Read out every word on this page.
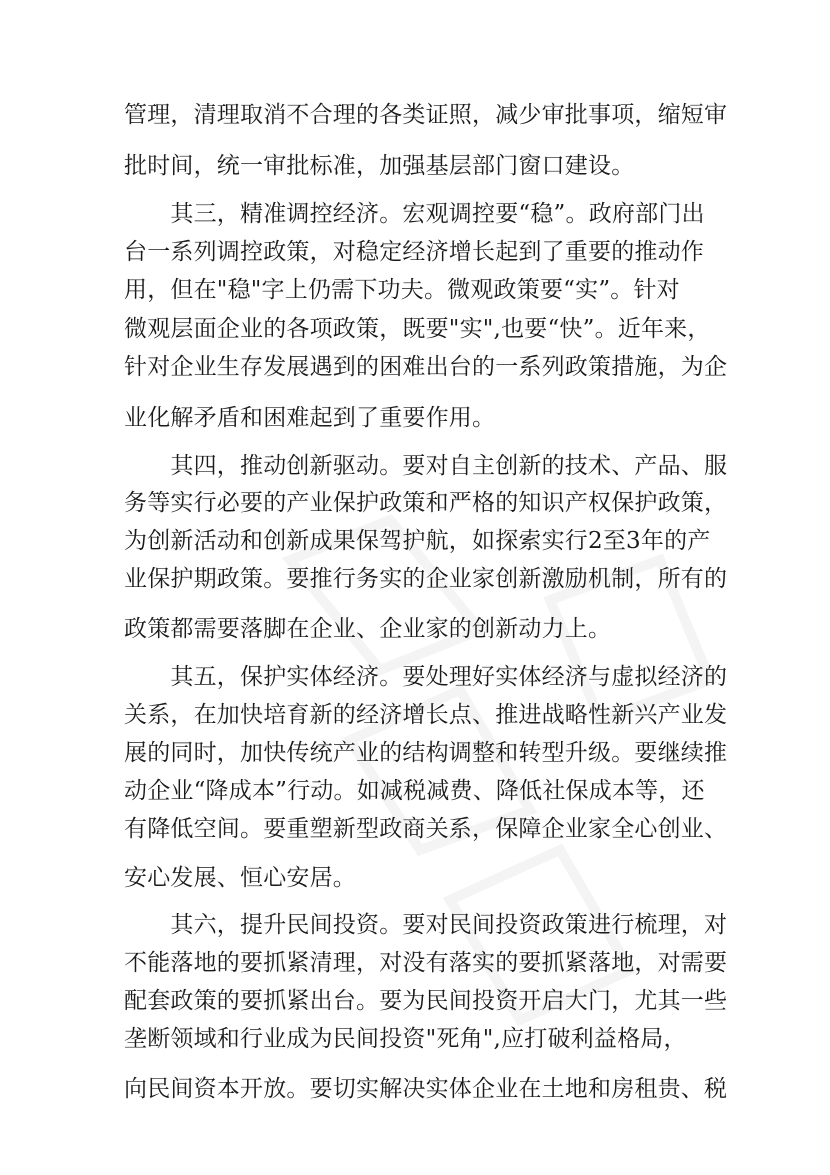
管理，清理取消不合理的各类证照，减少审批事项，缩短审
批时间，统一审批标准，加强基层部门窗口建设。
　　其三，精准调控经济。宏观调控要“稳”。政府部门出
台一系列调控政策，对稳定经济增长起到了重要的推动作
用，但在"稳"字上仍需下功夫。微观政策要“实”。针对
微观层面企业的各项政策，既要"实",也要“快”。近年来，
针对企业生存发展遇到的困难出台的一系列政策措施，为企
业化解矛盾和困难起到了重要作用。
　　其四，推动创新驱动。要对自主创新的技术、产品、服
务等实行必要的产业保护政策和严格的知识产权保护政策，
为创新活动和创新成果保驾护航，如探索实行2至3年的产
业保护期政策。要推行务实的企业家创新激励机制，所有的
政策都需要落脚在企业、企业家的创新动力上。
　　其五，保护实体经济。要处理好实体经济与虚拟经济的
关系，在加快培育新的经济增长点、推进战略性新兴产业发
展的同时，加快传统产业的结构调整和转型升级。要继续推
动企业“降成本”行动。如减税减费、降低社保成本等，还
有降低空间。要重塑新型政商关系，保障企业家全心创业、
安心发展、恒心安居。
　　其六，提升民间投资。要对民间投资政策进行梳理，对
不能落地的要抓紧清理，对没有落实的要抓紧落地，对需要
配套政策的要抓紧出台。要为民间投资开启大门，尤其一些
垄断领域和行业成为民间投资"死角",应打破利益格局，
向民间资本开放。要切实解决实体企业在土地和房租贵、税
